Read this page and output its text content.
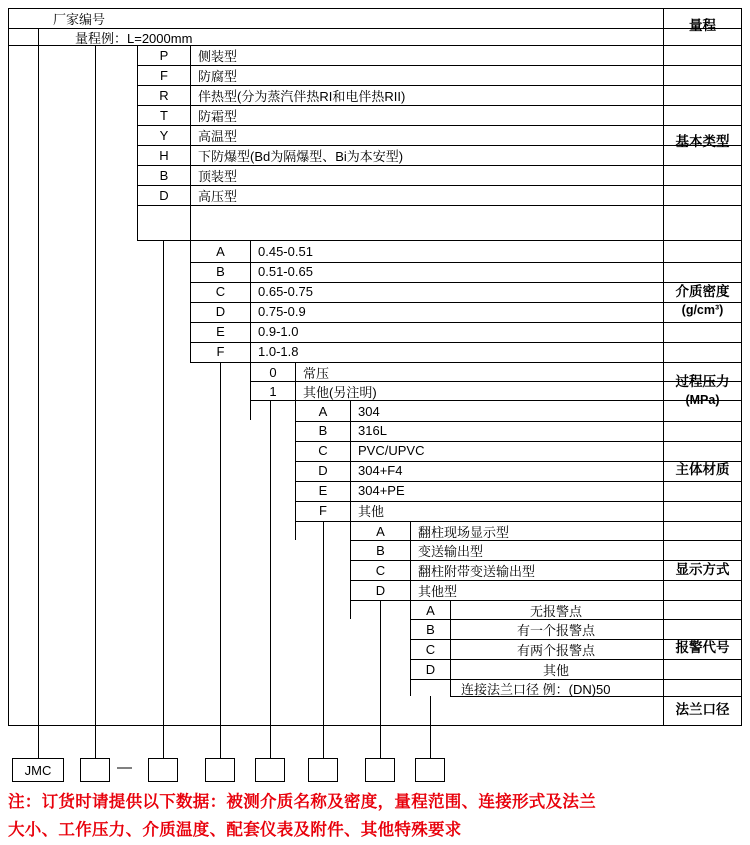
厂家编号
量程例：L=2000mm
量程
P	侧装型
F	防腐型
R	伴热型(分为蒸汽伴热RI和电伴热RII)
T	防霜型
Y	高温型
H	下防爆型(Bd为隔爆型、Bi为本安型)
B	顶装型
D	高压型
基本类型
A	0.45-0.51
B	0.51-0.65
C	0.65-0.75
D	0.75-0.9
E	0.9-1.0
F	1.0-1.8
介质密度
(g/cm³)
0	常压
1	其他(另注明)
过程压力
(MPa)
A	304
B	316L
C	PVC/UPVC
D	304+F4
E	304+PE
F	其他
主体材质
A	翻柱现场显示型
B	变送输出型
C	翻柱附带变送输出型
D	其他型
显示方式
A	无报警点
B	有一个报警点
C	有两个报警点
D	其他
报警代号
连接法兰口径 例：(DN)50
法兰口径
JMC	—
注：订货时请提供以下数据：被测介质名称及密度，量程范围、连接形式及法兰
大小、工作压力、介质温度、配套仪表及附件、其他特殊要求
